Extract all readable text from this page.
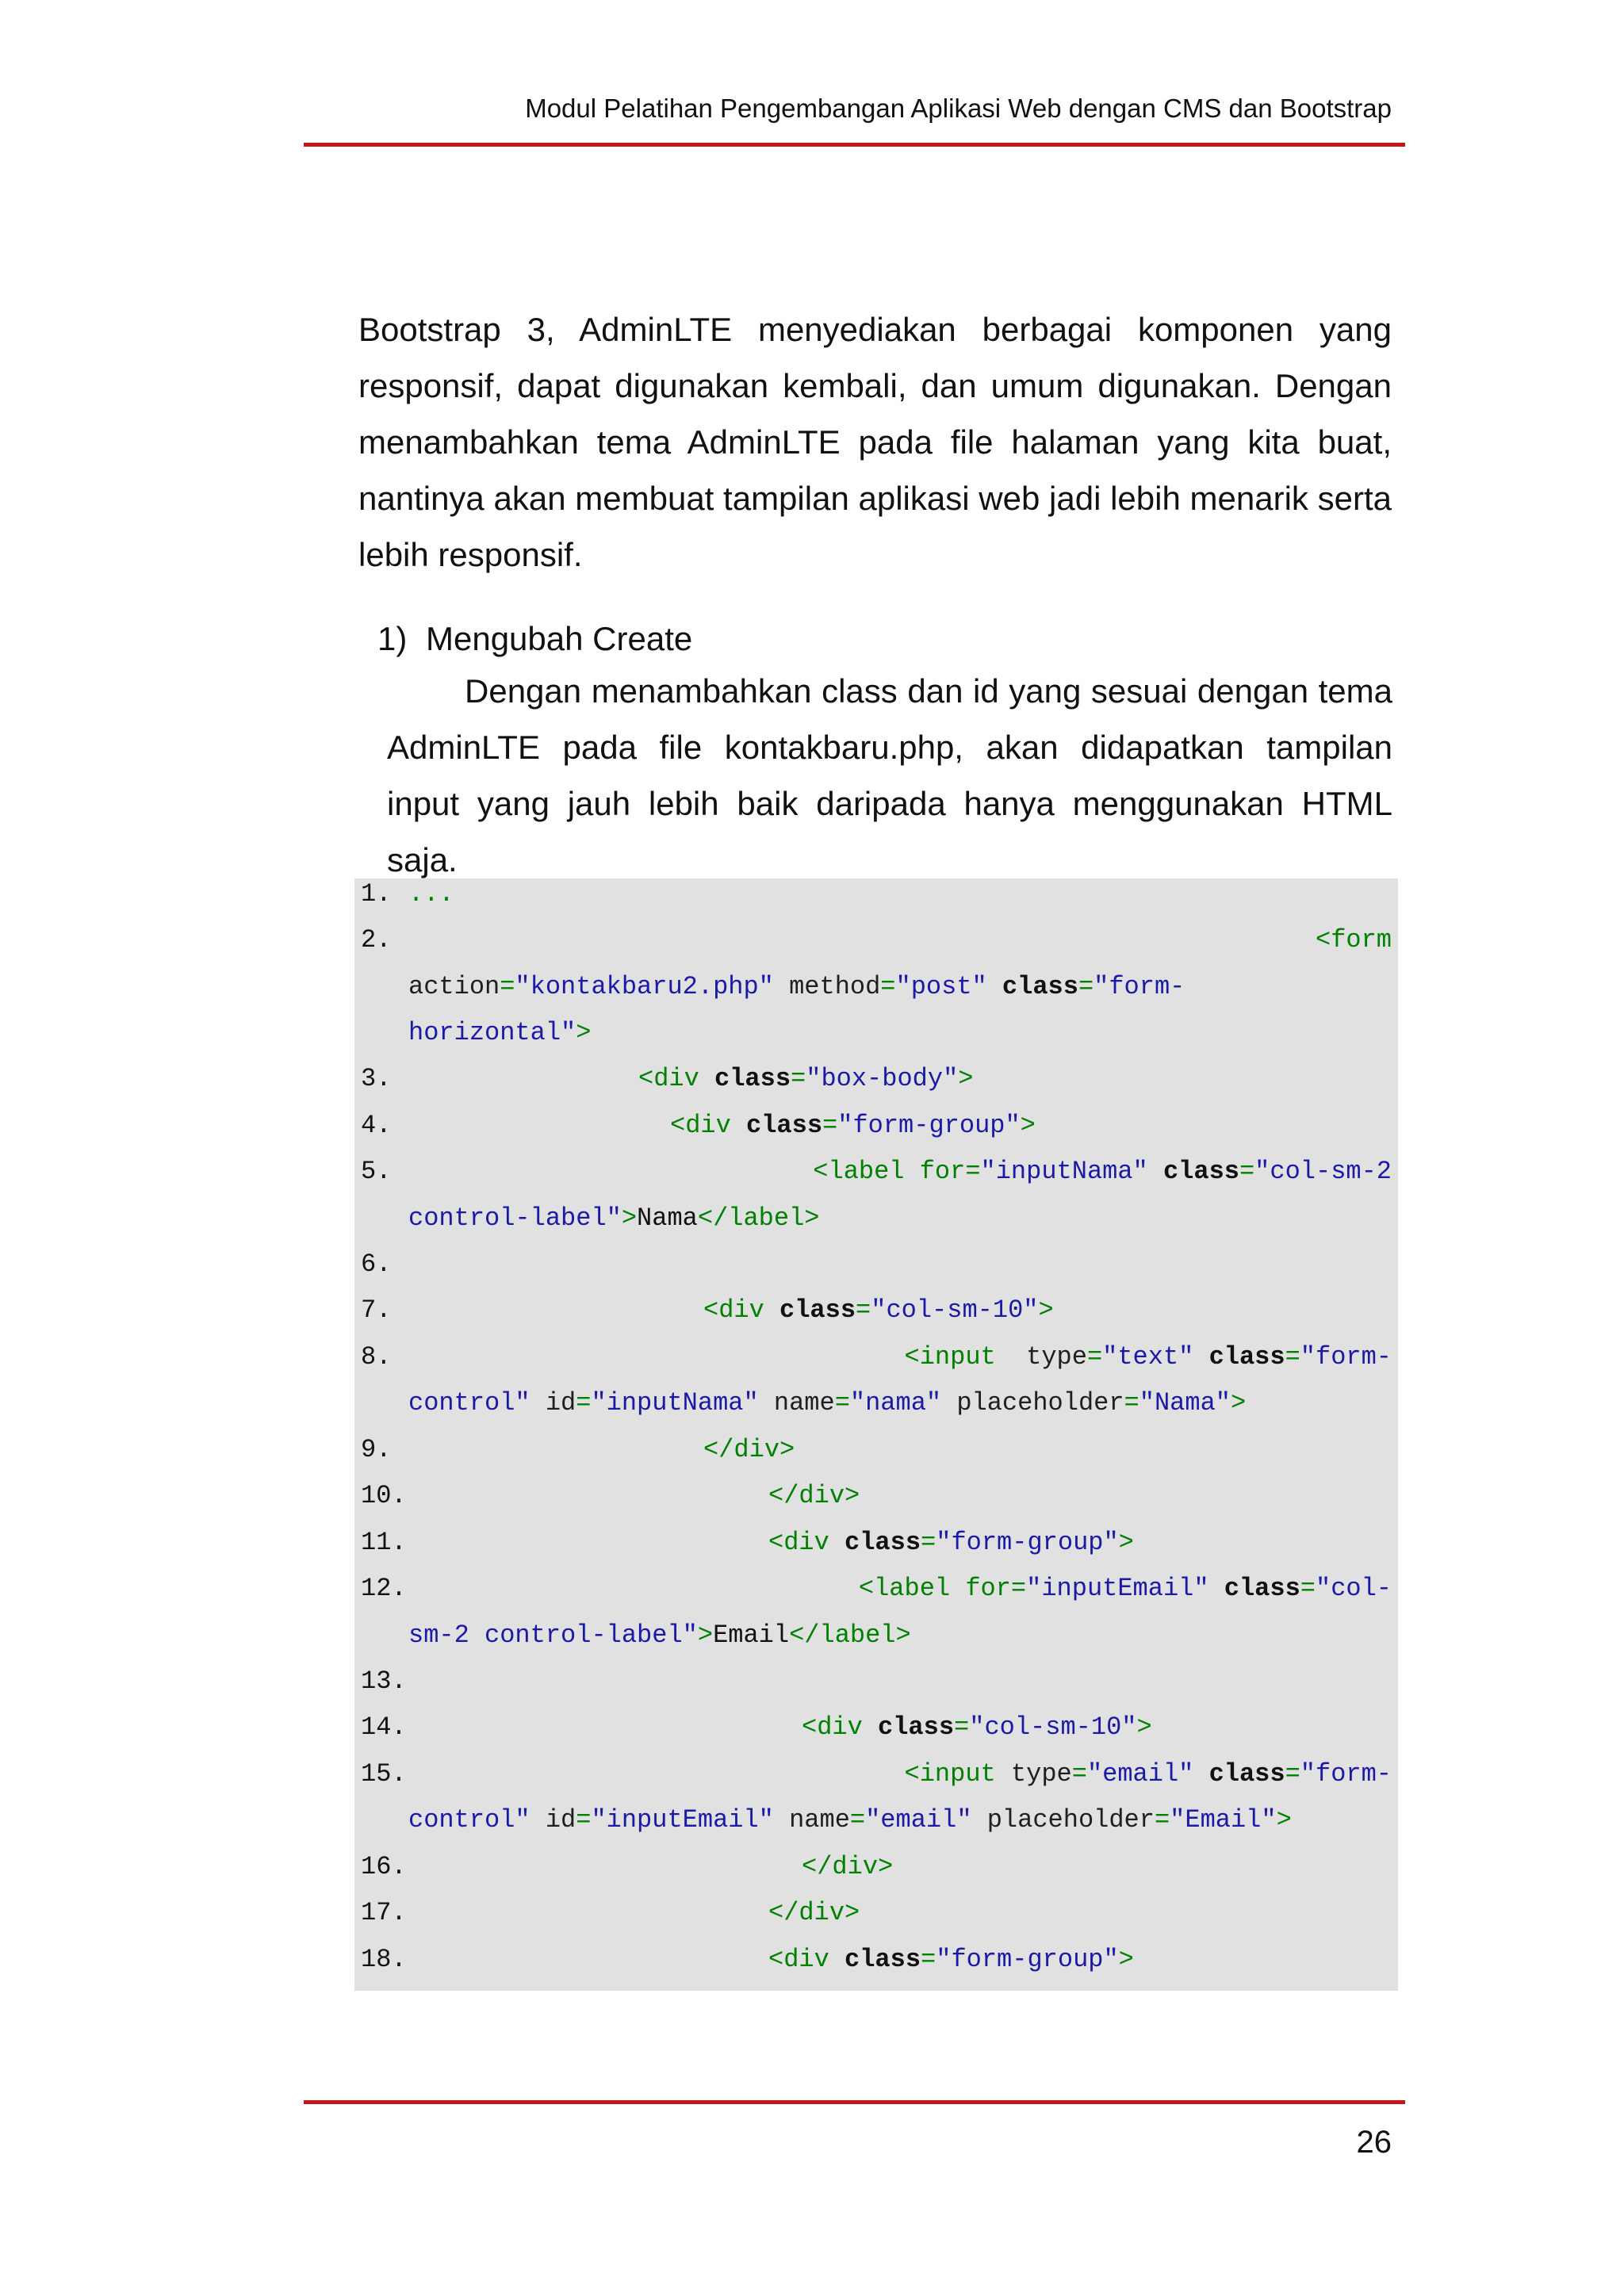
Modul Pelatihan Pengembangan Aplikasi Web dengan CMS dan Bootstrap

Bootstrap 3, AdminLTE menyediakan berbagai komponen yang responsif, dapat digunakan kembali, dan umum digunakan. Dengan menambahkan tema AdminLTE pada file halaman yang kita buat, nantinya akan membuat tampilan aplikasi web jadi lebih menarik serta lebih responsif.

1) Mengubah Create

Dengan menambahkan class dan id yang sesuai dengan tema AdminLTE pada file kontakbaru.php, akan didapatkan tampilan input yang jauh lebih baik daripada hanya menggunakan HTML saja.

1.

...

2.

	<form

action="kontakbaru2.php" method="post" class="form-
horizontal">

3.

	<div class="box-body">

4.

	<div class="form-group">

5.

	<label for="inputNama" class="col-sm-2

control-label">Nama</label>

6.

7.

	<div class="col-sm-10">

8.

	<input type="text" class="form-

control" id="inputNama" name="nama" placeholder="Nama">

9.

	</div>

10.

	</div>

11.

	<div class="form-group">

12.

	<label for="inputEmail" class="col-

sm-2 control-label">Email</label>

13.

14.

	<div class="col-sm-10">

15.

	<input type="email" class="form-

control" id="inputEmail" name="email" placeholder="Email">

16.

	</div>

17.

	</div>

18.

	<div class="form-group">

26
